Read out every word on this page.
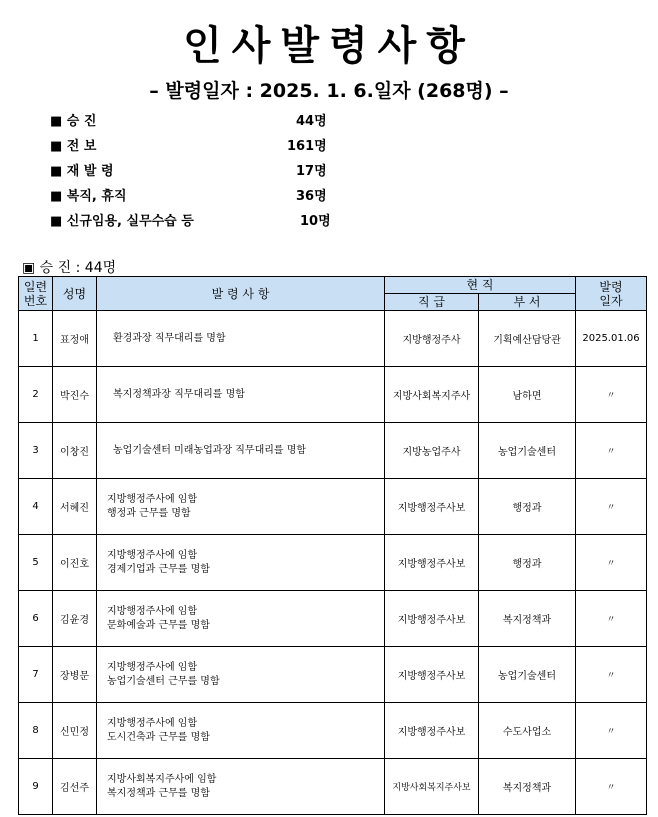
인사발령사항
– 발령일자 : 2025. 1. 6.일자 (268명) –
■ 승 진	44명
■ 전 보	161명
■ 재 발 령	17명
■ 복직, 휴직	36명
■ 신규임용, 실무수습 등	10명
▣ 승 진 : 44명
일련
번호	성명	발 령 사 항	현 직		발령
일자
			직 급	부 서	
1	표정애	환경과장 직무대리를 명함	지방행정주사	기획예산담당관	2025.01.06
2	박진수	복지정책과장 직무대리를 명함	지방사회복지주사	남하면	〃
3	이창진	농업기술센터 미래농업과장 직무대리를 명함	지방농업주사	농업기술센터	〃
4	서혜진	지방행정주사에 임함
행정과 근무를 명함	지방행정주사보	행정과	〃
5	이진호	지방행정주사에 임함
경제기업과 근무를 명함	지방행정주사보	행정과	〃
6	김윤경	지방행정주사에 임함
문화예술과 근무를 명함	지방행정주사보	복지정책과	〃
7	장병문	지방행정주사에 임함
농업기술센터 근무를 명함	지방행정주사보	농업기술센터	〃
8	신민정	지방행정주사에 임함
도시건축과 근무를 명함	지방행정주사보	수도사업소	〃
9	김선주	지방사회복지주사에 임함
복지정책과 근무를 명함	지방사회복지주사보	복지정책과	〃
